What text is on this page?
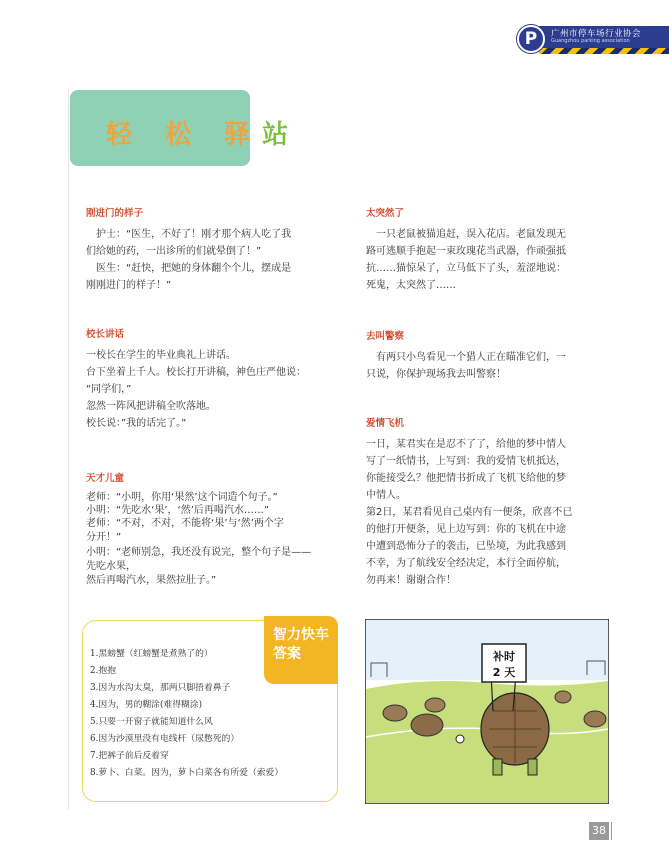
P	广州市停车场行业协会
Guangzhou parking association
轻 松 驿 站
刚进门的样子

　护士：“医生，不好了！刚才那个病人吃了我

们给她的药，一出诊所的们就晕倒了！”

　医生：“赶快，把她的身体翻个个儿，摆成是

刚刚进门的样子！”

校长讲话

一校长在学生的毕业典礼上讲话。

台下坐着上千人。校长打开讲稿，神色庄严他说：

“同学们，”

忽然一阵风把讲稿全吹落地。

校长说：”我的话完了。”

天才儿童

老师：“小明，你用‘果然’这个词造个句子。”

小明：“先吃水‘果’，‘然’后再喝汽水……”

老师：“不对，不对，不能将‘果’与‘然’两个字

分开！”

小明：“老师别急，我还没有说完，整个句子是——

先吃水果，

然后再喝汽水，果然拉肚子。”

太突然了

　一只老鼠被猫追赶，误入花店。老鼠发现无

路可逃顺手抱起一束玫瑰花当武器，作顽强抵

抗……猫惊呆了，立马低下了头，羞涩地说：

死鬼，太突然了……

去叫警察

　有两只小鸟看见一个猎人正在瞄准它们，一

只说，你保护现场我去叫警察！

爱情飞机

一日，某君实在是忍不了了，给他的梦中情人

写了一纸情书，上写到：我的爱情飞机抵达，

你能接受么？他把情书折成了飞机飞给他的梦

中情人。

第2日，某君看见自己桌内有一便条，欣喜不已

的他打开便条，见上边写到：你的飞机在中途

中遭到恐怖分子的袭击，已坠境，为此我感到

不幸，为了航线安全经决定，本行全面停航，

勿再来！谢谢合作！

智力快车
答案
1.黑螃蟹（红螃蟹是煮熟了的）
2.抱抱
3.因为水沟太臭，那两只脚捂着鼻子
4.因为，男的糊涂(难得糊涂)
5.只要一开窗子就能知道什么风
6.因为沙漠里没有电线杆（尿憋死的）
7.把裤子前后反着穿
8.萝卜、白菜。因为，萝卜白菜各有所爱（索爱）
补时
2 天
38
